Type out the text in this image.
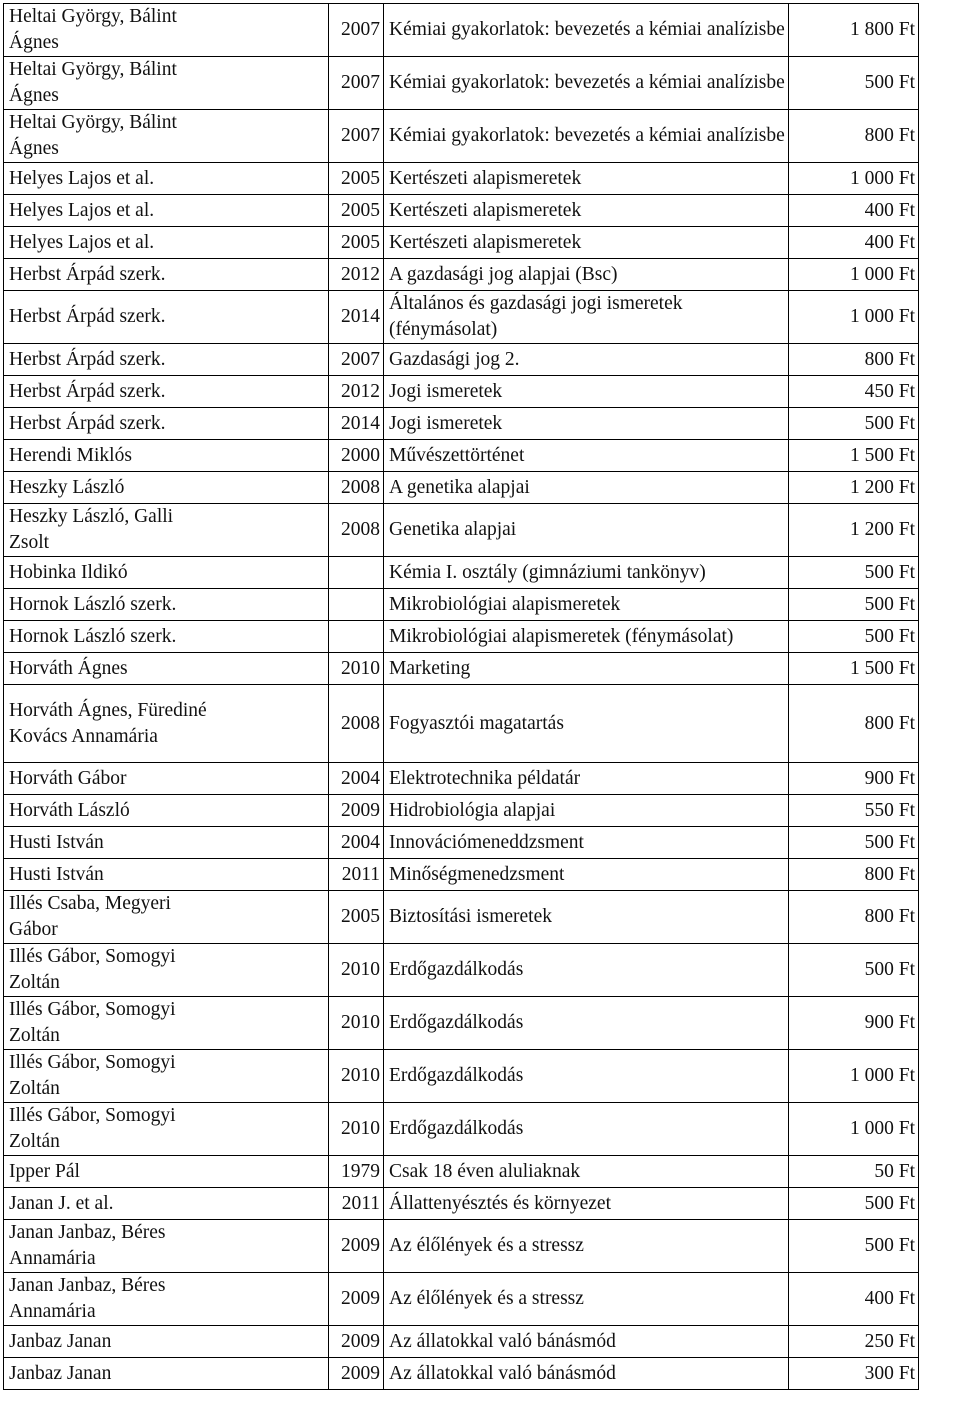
Heltai György, Bálint Ágnes	2007	Kémiai gyakorlatok: bevezetés a kémiai analízisbe	1 800 Ft
Heltai György, Bálint Ágnes	2007	Kémiai gyakorlatok: bevezetés a kémiai analízisbe	500 Ft
Heltai György, Bálint Ágnes	2007	Kémiai gyakorlatok: bevezetés a kémiai analízisbe	800 Ft
Helyes Lajos et al.	2005	Kertészeti alapismeretek	1 000 Ft
Helyes Lajos et al.	2005	Kertészeti alapismeretek	400 Ft
Helyes Lajos et al.	2005	Kertészeti alapismeretek	400 Ft
Herbst Árpád szerk.	2012	A gazdasági jog alapjai (Bsc)	1 000 Ft
Herbst Árpád szerk.	2014	Általános és gazdasági jogi ismeretek (fénymásolat)	1 000 Ft
Herbst Árpád szerk.	2007	Gazdasági jog 2.	800 Ft
Herbst Árpád szerk.	2012	Jogi ismeretek	450 Ft
Herbst Árpád szerk.	2014	Jogi ismeretek	500 Ft
Herendi Miklós	2000	Művészettörténet	1 500 Ft
Heszky László	2008	A genetika alapjai	1 200 Ft
Heszky László, Galli Zsolt	2008	Genetika alapjai	1 200 Ft
Hobinka Ildikó		Kémia I. osztály (gimnáziumi tankönyv)	500 Ft
Hornok László szerk.		Mikrobiológiai alapismeretek	500 Ft
Hornok László szerk.		Mikrobiológiai alapismeretek (fénymásolat)	500 Ft
Horváth Ágnes	2010	Marketing	1 500 Ft
Horváth Ágnes, Fürediné Kovács Annamária	2008	Fogyasztói magatartás	800 Ft
Horváth Gábor	2004	Elektrotechnika példatár	900 Ft
Horváth László	2009	Hidrobiológia alapjai	550 Ft
Husti István	2004	Innovációmeneddzsment	500 Ft
Husti István	2011	Minőségmenedzsment	800 Ft
Illés Csaba, Megyeri Gábor	2005	Biztosítási ismeretek	800 Ft
Illés Gábor, Somogyi Zoltán	2010	Erdőgazdálkodás	500 Ft
Illés Gábor, Somogyi Zoltán	2010	Erdőgazdálkodás	900 Ft
Illés Gábor, Somogyi Zoltán	2010	Erdőgazdálkodás	1 000 Ft
Illés Gábor, Somogyi Zoltán	2010	Erdőgazdálkodás	1 000 Ft
Ipper Pál	1979	Csak 18 éven aluliaknak	50 Ft
Janan J. et al.	2011	Állattenyésztés és környezet	500 Ft
Janan Janbaz, Béres Annamária	2009	Az élőlények és a stressz	500 Ft
Janan Janbaz, Béres Annamária	2009	Az élőlények és a stressz	400 Ft
Janbaz Janan	2009	Az állatokkal való bánásmód	250 Ft
Janbaz Janan	2009	Az állatokkal való bánásmód	300 Ft
